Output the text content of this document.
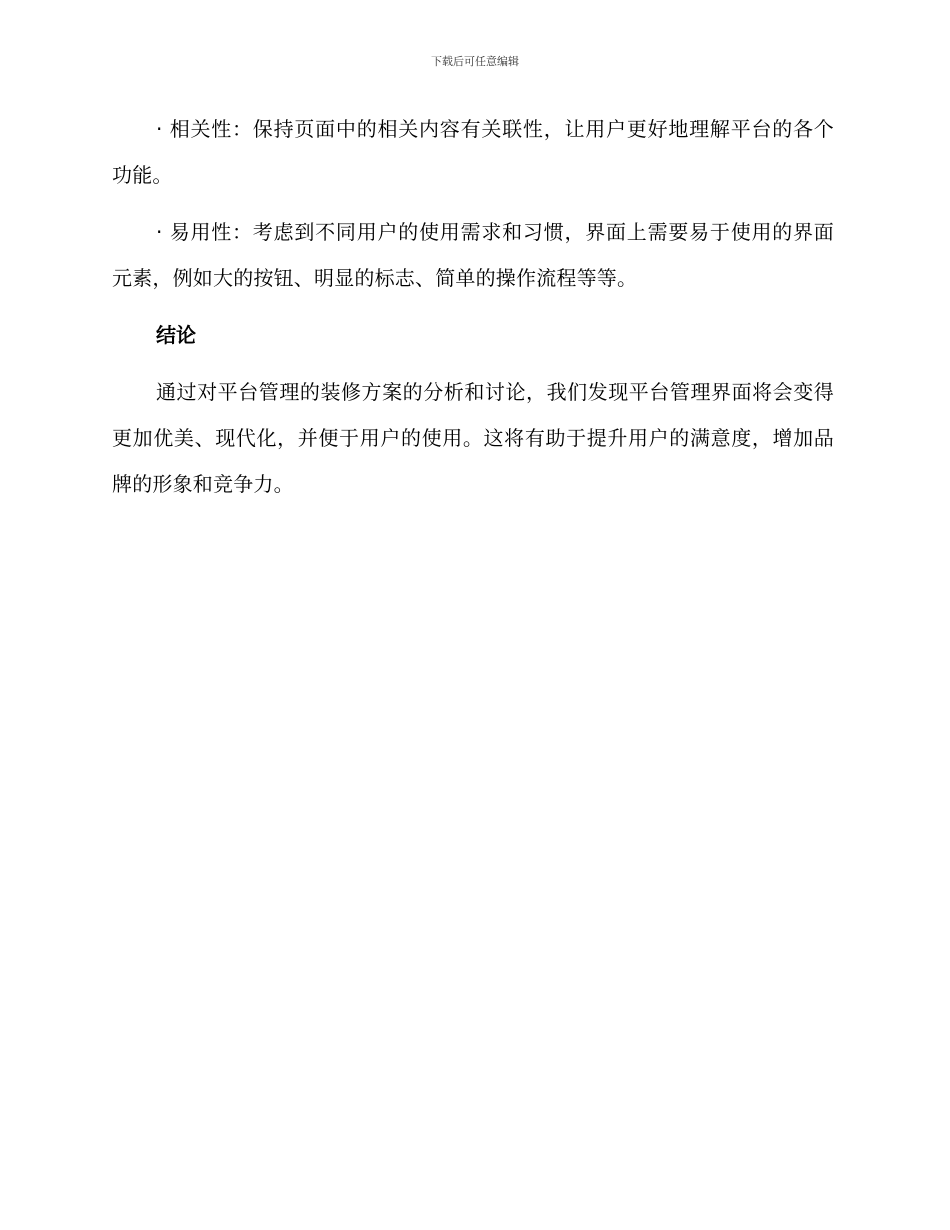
下载后可任意编辑

· 相关性：保持页面中的相关内容有关联性，让用户更好地理解平台的各个功能。

· 易用性：考虑到不同用户的使用需求和习惯，界面上需要易于使用的界面元素，例如大的按钮、明显的标志、简单的操作流程等等。

结论

通过对平台管理的装修方案的分析和讨论，我们发现平台管理界面将会变得更加优美、现代化，并便于用户的使用。这将有助于提升用户的满意度，增加品牌的形象和竞争力。
